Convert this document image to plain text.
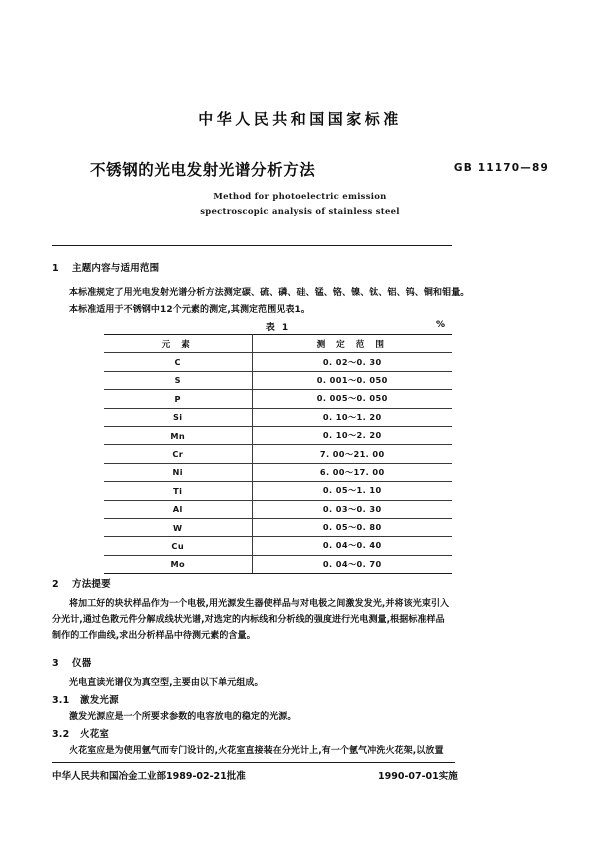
中华人民共和国国家标准
不锈钢的光电发射光谱分析方法	GB 11170—89
Method for photoelectric emission
spectroscopic analysis of stainless steel
1 主题内容与适用范围
本标准规定了用光电发射光谱分析方法测定碳、硫、磷、硅、锰、铬、镍、钛、铝、钨、铜和钼量。
本标准适用于不锈钢中12个元素的测定,其测定范围见表1。
表 1	%
元 素	测 定 范 围
C	0. 02～0. 30
S	0. 001～0. 050
P	0. 005～0. 050
Si	0. 10～1. 20
Mn	0. 10～2. 20
Cr	7. 00～21. 00
Ni	6. 00～17. 00
Ti	0. 05～1. 10
Al	0. 03～0. 30
W	0. 05～0. 80
Cu	0. 04～0. 40
Mo	0. 04～0. 70
2 方法提要
将加工好的块状样品作为一个电极,用光源发生器使样品与对电极之间激发发光,并将该光束引入
分光计,通过色散元件分解成线状光谱,对选定的内标线和分析线的强度进行光电测量,根据标准样品
制作的工作曲线,求出分析样品中待测元素的含量。
3 仪器
光电直读光谱仪为真空型,主要由以下单元组成。
3.1 激发光源
激发光源应是一个所要求参数的电容放电的稳定的光源。
3.2 火花室
火花室应是为使用氩气而专门设计的,火花室直接装在分光计上,有一个氩气冲洗火花架,以放置
中华人民共和国冶金工业部1989-02-21批准	1990-07-01实施
